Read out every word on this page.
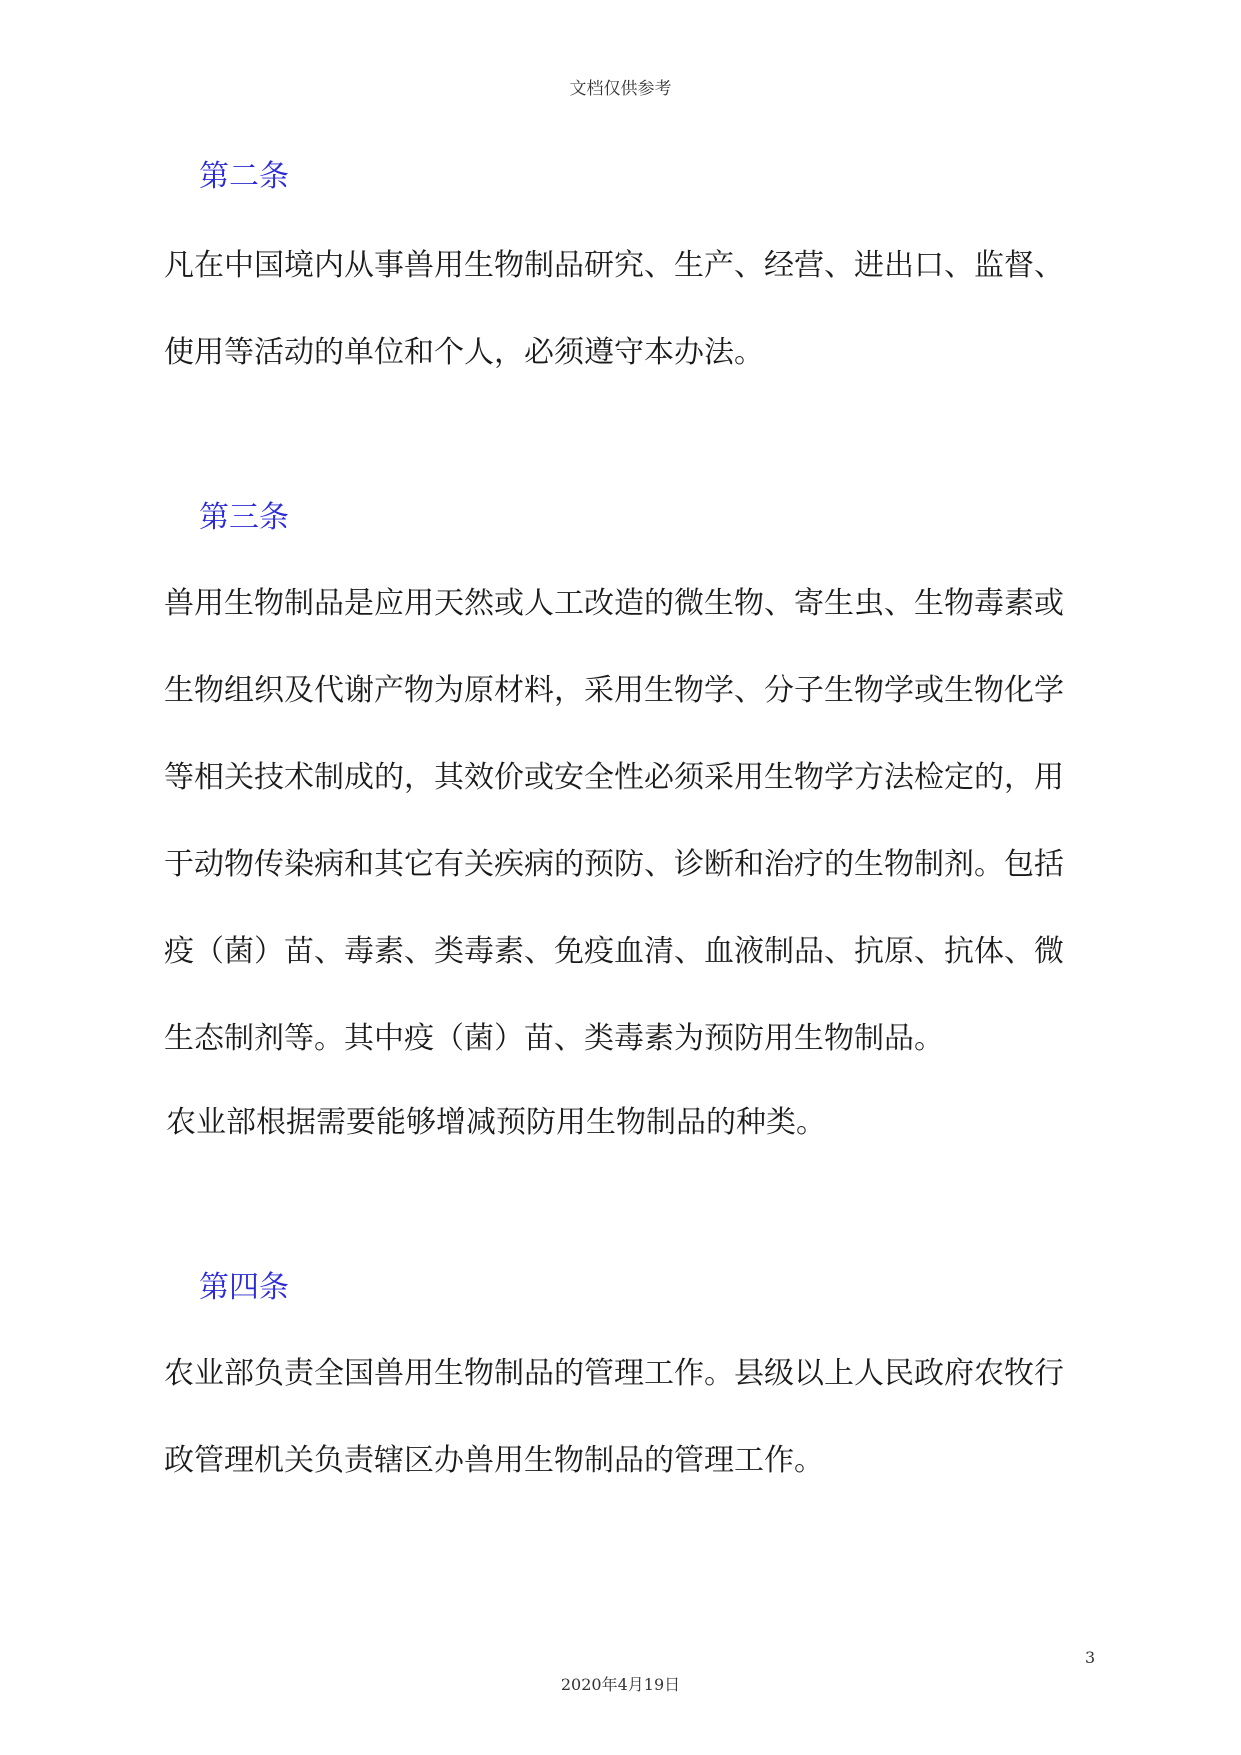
文档仅供参考
第二条
凡在中国境内从事兽用生物制品研究、生产、经营、进出口、监督、
使用等活动的单位和个人，必须遵守本办法。
第三条
兽用生物制品是应用天然或人工改造的微生物、寄生虫、生物毒素或
生物组织及代谢产物为原材料，采用生物学、分子生物学或生物化学
等相关技术制成的，其效价或安全性必须采用生物学方法检定的，用
于动物传染病和其它有关疾病的预防、诊断和治疗的生物制剂。包括
疫（菌）苗、毒素、类毒素、免疫血清、血液制品、抗原、抗体、微
生态制剂等。其中疫（菌）苗、类毒素为预防用生物制品。
农业部根据需要能够增减预防用生物制品的种类。
第四条
农业部负责全国兽用生物制品的管理工作。县级以上人民政府农牧行
政管理机关负责辖区办兽用生物制品的管理工作。
3
2020年4月19日
